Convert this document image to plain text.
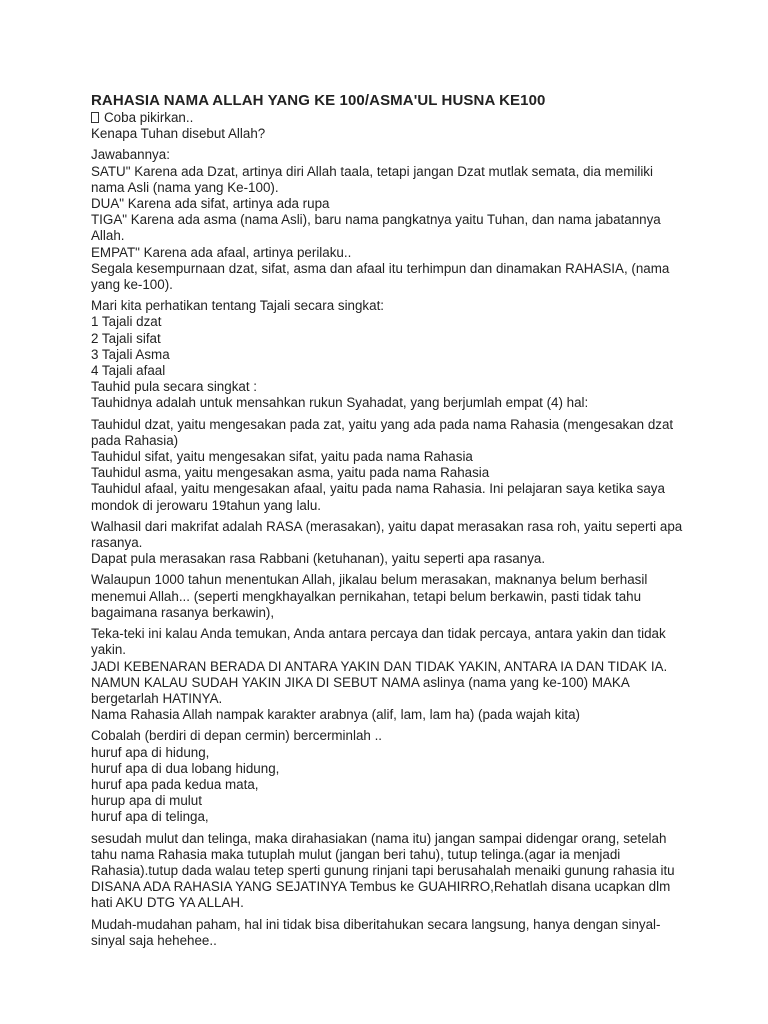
RAHASIA NAMA ALLAH YANG KE 100/ASMA'UL HUSNA KE100
Coba pikirkan..
Kenapa Tuhan disebut Allah?
Jawabannya:
SATU" Karena ada Dzat, artinya diri Allah taala, tetapi jangan Dzat mutlak semata, dia memiliki
nama Asli (nama yang Ke-100).
DUA" Karena ada sifat, artinya ada rupa
TIGA" Karena ada asma (nama Asli), baru nama pangkatnya yaitu Tuhan, dan nama jabatannya
Allah.
EMPAT" Karena ada afaal, artinya perilaku..
Segala kesempurnaan dzat, sifat, asma dan afaal itu terhimpun dan dinamakan RAHASIA, (nama
yang ke-100).
Mari kita perhatikan tentang Tajali secara singkat:
1 Tajali dzat
2 Tajali sifat
3 Tajali Asma
4 Tajali afaal
Tauhid pula secara singkat :
Tauhidnya adalah untuk mensahkan rukun Syahadat, yang berjumlah empat (4) hal:
Tauhidul dzat, yaitu mengesakan pada zat, yaitu yang ada pada nama Rahasia (mengesakan dzat
pada Rahasia)
Tauhidul sifat, yaitu mengesakan sifat, yaitu pada nama Rahasia
Tauhidul asma, yaitu mengesakan asma, yaitu pada nama Rahasia
Tauhidul afaal, yaitu mengesakan afaal, yaitu pada nama Rahasia. Ini pelajaran saya ketika saya
mondok di jerowaru 19tahun yang lalu.
Walhasil dari makrifat adalah RASA (merasakan), yaitu dapat merasakan rasa roh, yaitu seperti apa
rasanya.
Dapat pula merasakan rasa Rabbani (ketuhanan), yaitu seperti apa rasanya.
Walaupun 1000 tahun menentukan Allah, jikalau belum merasakan, maknanya belum berhasil
menemui Allah... (seperti mengkhayalkan pernikahan, tetapi belum berkawin, pasti tidak tahu
bagaimana rasanya berkawin),
Teka-teki ini kalau Anda temukan, Anda antara percaya dan tidak percaya, antara yakin dan tidak
yakin.
JADI KEBENARAN BERADA DI ANTARA YAKIN DAN TIDAK YAKIN, ANTARA IA DAN TIDAK IA.
NAMUN KALAU SUDAH YAKIN JIKA DI SEBUT NAMA aslinya (nama yang ke-100) MAKA
bergetarlah HATINYA.
Nama Rahasia Allah nampak karakter arabnya (alif, lam, lam ha) (pada wajah kita)
Cobalah (berdiri di depan cermin) bercerminlah ..
huruf apa di hidung,
huruf apa di dua lobang hidung,
huruf apa pada kedua mata,
hurup apa di mulut
huruf apa di telinga,
sesudah mulut dan telinga, maka dirahasiakan (nama itu) jangan sampai didengar orang, setelah
tahu nama Rahasia maka tutuplah mulut (jangan beri tahu), tutup telinga.(agar ia menjadi
Rahasia).tutup dada walau tetep sperti gunung rinjani tapi berusahalah menaiki gunung rahasia itu
DISANA ADA RAHASIA YANG SEJATINYA Tembus ke GUAHIRRO,Rehatlah disana ucapkan dlm
hati AKU DTG YA ALLAH.
Mudah-mudahan paham, hal ini tidak bisa diberitahukan secara langsung, hanya dengan sinyal-
sinyal saja hehehee..
